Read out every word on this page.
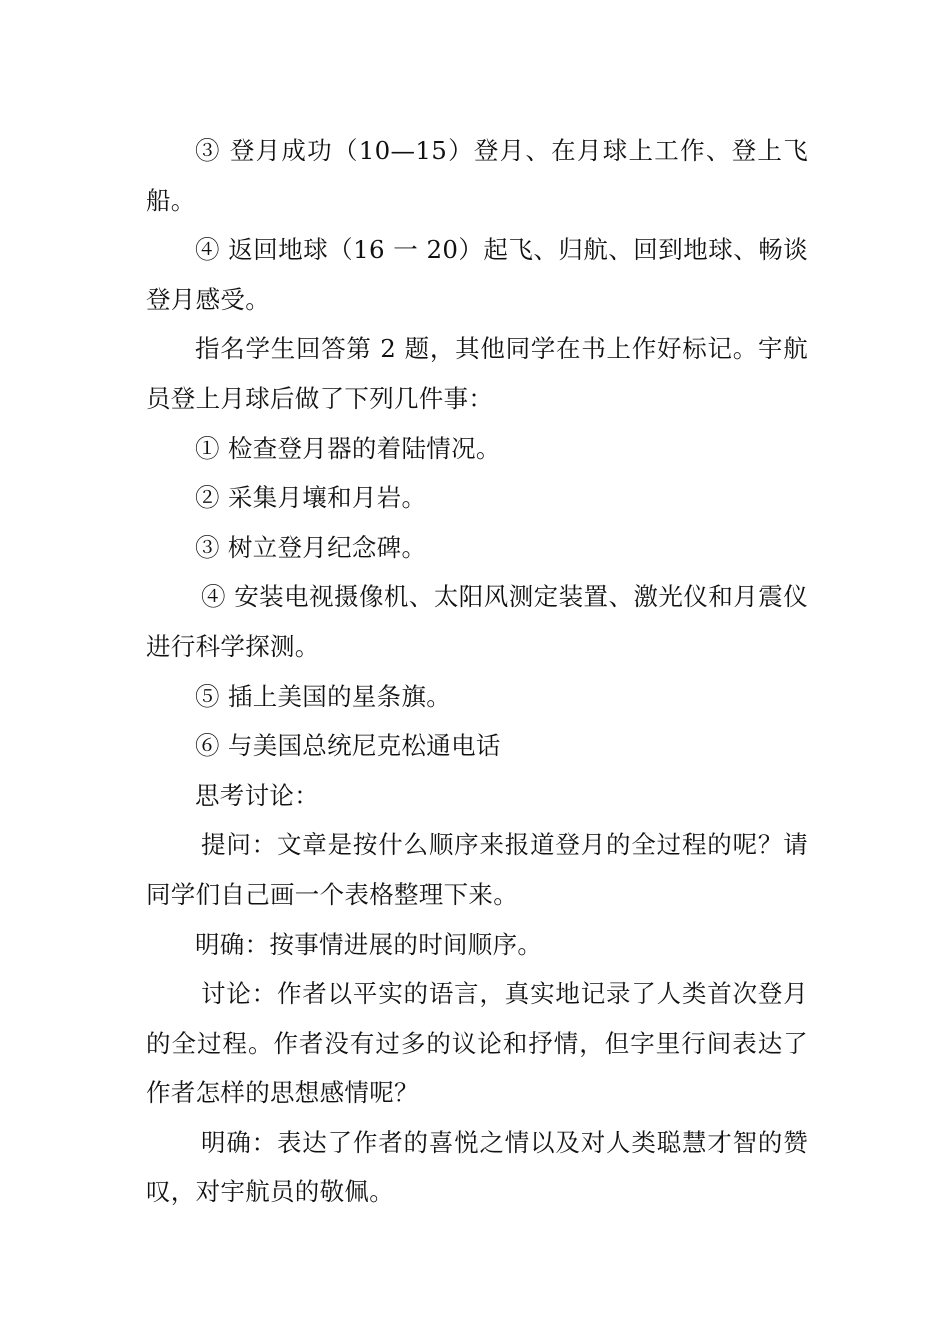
③ 登月成功（10—15）登月、在月球上工作、登上飞船。

④ 返回地球（16 一 20）起飞、归航、回到地球、畅谈登月感受。

指名学生回答第 2 题，其他同学在书上作好标记。宇航员登上月球后做了下列几件事：

① 检查登月器的着陆情况。

② 采集月壤和月岩。

③ 树立登月纪念碑。

④ 安装电视摄像机、太阳风测定装置、激光仪和月震仪进行科学探测。

⑤ 插上美国的星条旗。

⑥ 与美国总统尼克松通电话

思考讨论：

提问：文章是按什么顺序来报道登月的全过程的呢？请同学们自己画一个表格整理下来。

明确：按事情进展的时间顺序。

讨论：作者以平实的语言，真实地记录了人类首次登月的全过程。作者没有过多的议论和抒情，但字里行间表达了作者怎样的思想感情呢？

明确：表达了作者的喜悦之情以及对人类聪慧才智的赞叹，对宇航员的敬佩。
